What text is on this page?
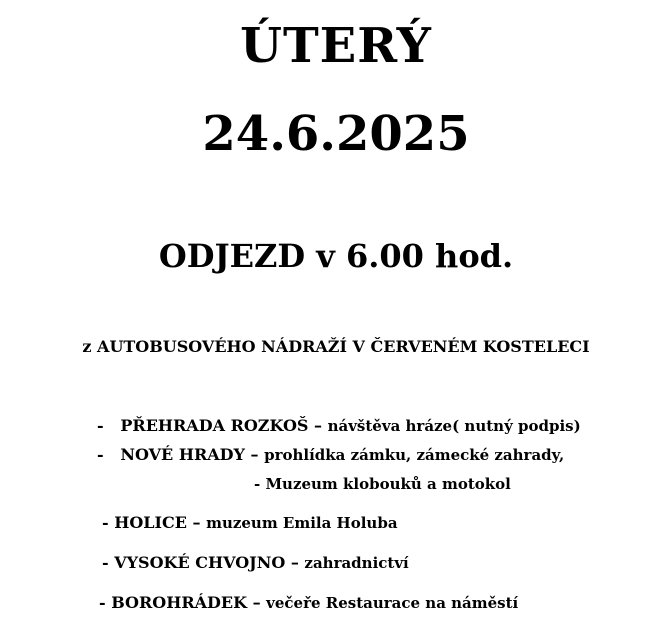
ÚTERÝ
24.6.2025
ODJEZD v 6.00 hod.
z AUTOBUSOVÉHO NÁDRAŽÍ V ČERVENÉM KOSTELECI
-   PŘEHRADA ROZKOŠ – návštěva hráze( nutný podpis)
-   NOVÉ HRADY – prohlídka zámku, zámecké zahrady,
- Muzeum klobouků a motokol
- HOLICE – muzeum Emila Holuba
- VYSOKÉ CHVOJNO – zahradnictví
- BOROHRÁDEK – večeře Restaurace na náměstí
